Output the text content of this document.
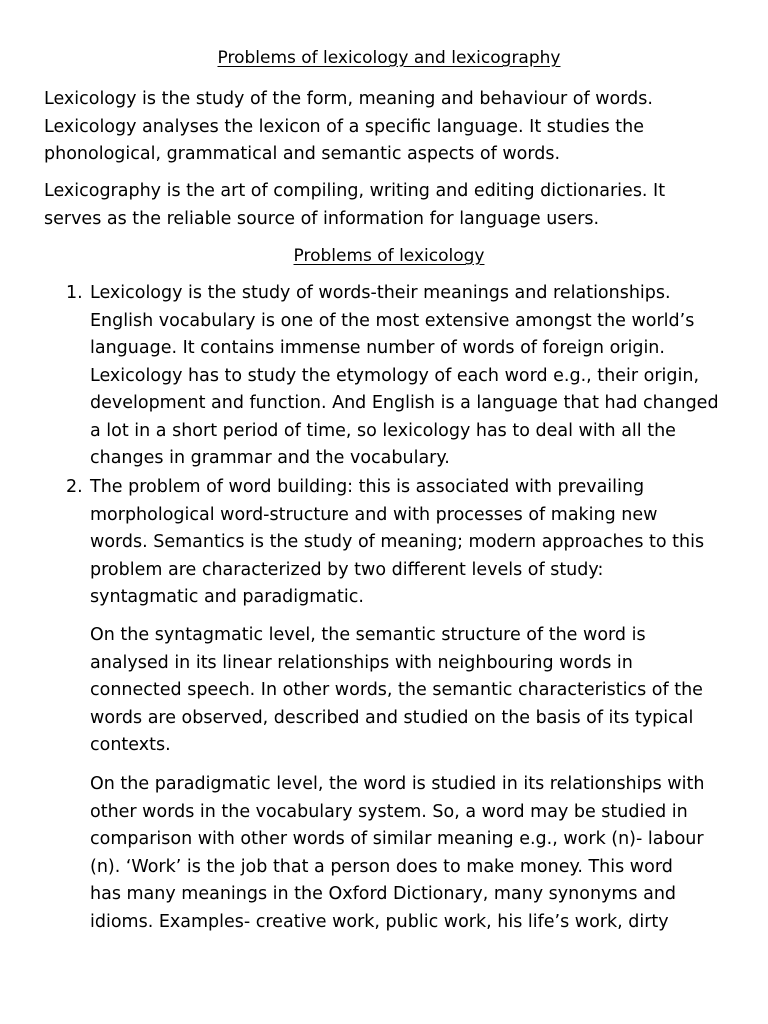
Problems of lexicology and lexicography
Lexicology is the study of the form, meaning and behaviour of words.
Lexicology analyses the lexicon of a specific language. It studies the
phonological, grammatical and semantic aspects of words.
Lexicography is the art of compiling, writing and editing dictionaries. It
serves as the reliable source of information for language users.
Problems of lexicology
1. Lexicology is the study of words-their meanings and relationships.
English vocabulary is one of the most extensive amongst the world’s
language. It contains immense number of words of foreign origin.
Lexicology has to study the etymology of each word e.g., their origin,
development and function. And English is a language that had changed
a lot in a short period of time, so lexicology has to deal with all the
changes in grammar and the vocabulary.
2. The problem of word building: this is associated with prevailing
morphological word-structure and with processes of making new
words. Semantics is the study of meaning; modern approaches to this
problem are characterized by two different levels of study:
syntagmatic and paradigmatic.
On the syntagmatic level, the semantic structure of the word is
analysed in its linear relationships with neighbouring words in
connected speech. In other words, the semantic characteristics of the
words are observed, described and studied on the basis of its typical
contexts.
On the paradigmatic level, the word is studied in its relationships with
other words in the vocabulary system. So, a word may be studied in
comparison with other words of similar meaning e.g., work (n)- labour
(n). ‘Work’ is the job that a person does to make money. This word
has many meanings in the Oxford Dictionary, many synonyms and
idioms. Examples- creative work, public work, his life’s work, dirty
